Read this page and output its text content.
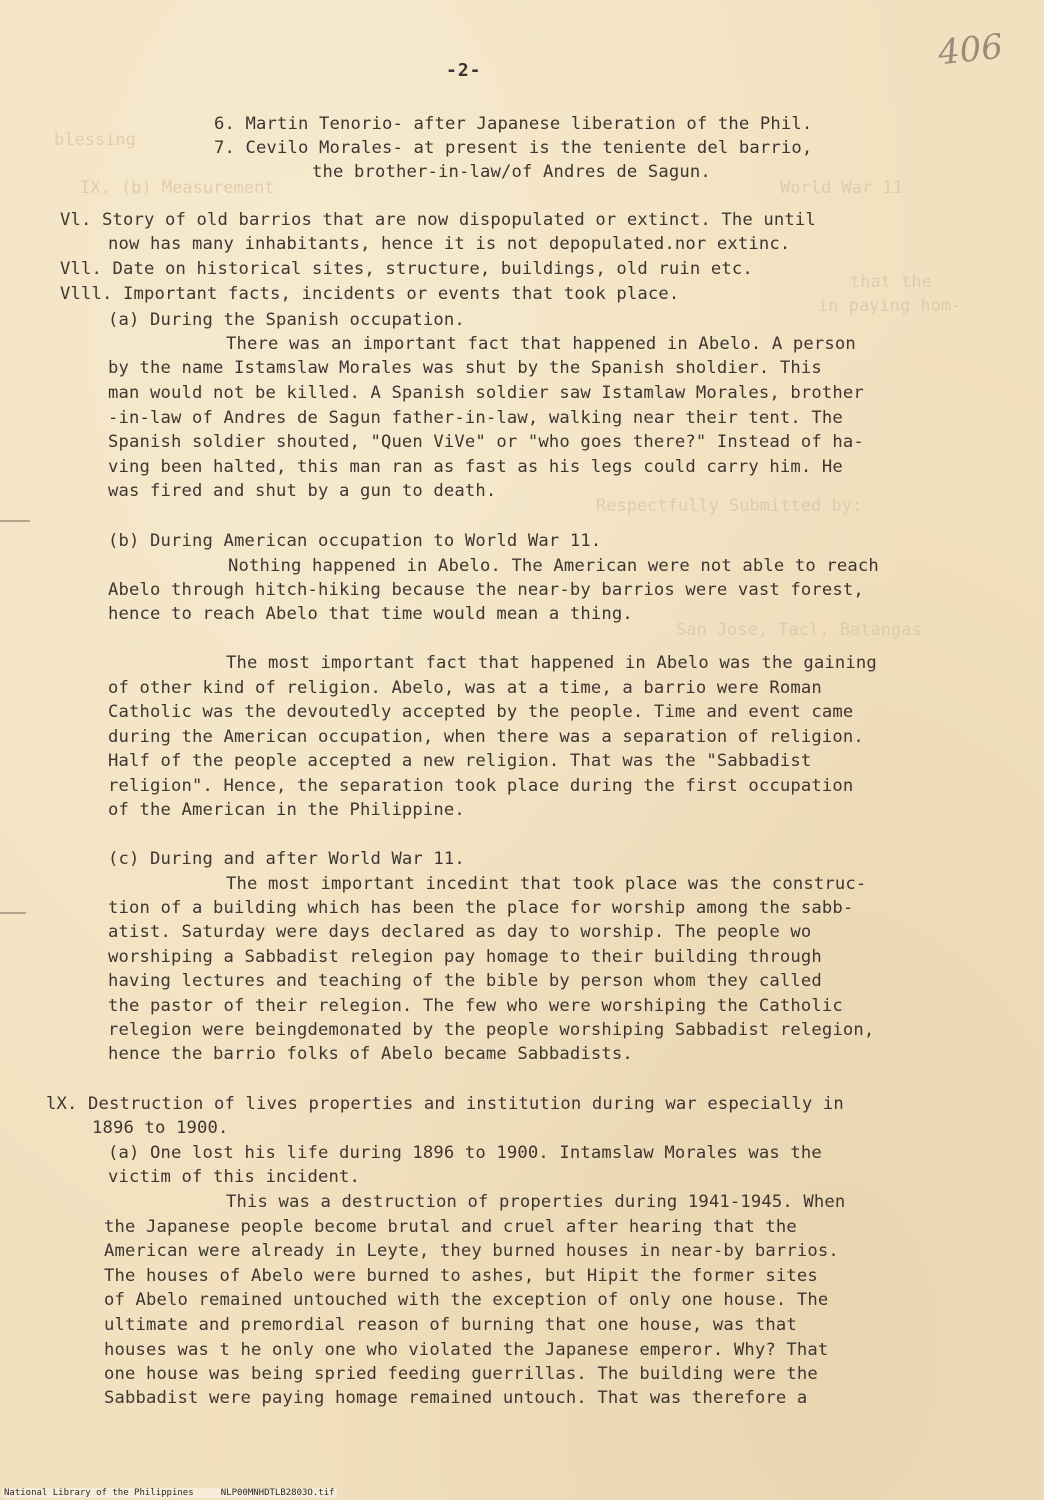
blessing
IX. (b) Measurement	World War 11
that the
in paying hom-
Respectfully Submitted by:
San Jose, Tacl, Batangas
406
-2-
6. Martin Tenorio- after Japanese liberation of the Phil.
7. Cevilo Morales- at present is the teniente del barrio,
the brother-in-law/of Andres de Sagun.
Vl. Story of old barrios that are now dispopulated or extinct. The until
now has many inhabitants, hence it is not depopulated.nor extinc.
Vll. Date on historical sites, structure, buildings, old ruin etc.
Vlll. Important facts, incidents or events that took place.
(a) During the Spanish occupation.
There was an important fact that happened in Abelo. A person
by the name Istamslaw Morales was shut by the Spanish sholdier. This
man would not be killed. A Spanish soldier saw Istamlaw Morales, brother
-in-law of Andres de Sagun father-in-law, walking near their tent. The
Spanish soldier shouted, "Quen ViVe" or "who goes there?" Instead of ha-
ving been halted, this man ran as fast as his legs could carry him. He
was fired and shut by a gun to death.
(b) During American occupation to World War 11.
Nothing happened in Abelo. The American were not able to reach
Abelo through hitch-hiking because the near-by barrios were vast forest,
hence to reach Abelo that time would mean a thing.
The most important fact that happened in Abelo was the gaining
of other kind of religion. Abelo, was at a time, a barrio were Roman
Catholic was the devoutedly accepted by the people. Time and event came
during the American occupation, when there was a separation of religion.
Half of the people accepted a new religion. That was the "Sabbadist
religion". Hence, the separation took place during the first occupation
of the American in the Philippine.
(c) During and after World War 11.
The most important incedint that took place was the construc-
tion of a building which has been the place for worship among the sabb-
atist. Saturday were days declared as day to worship. The people wo
worshiping a Sabbadist relegion pay homage to their building through
having lectures and teaching of the bible by person whom they called
the pastor of their relegion. The few who were worshiping the Catholic
relegion were beingdemonated by the people worshiping Sabbadist relegion,
hence the barrio folks of Abelo became Sabbadists.
lX. Destruction of lives properties and institution during war especially in
1896 to 1900.
(a) One lost his life during 1896 to 1900. Intamslaw Morales was the
victim of this incident.
This was a destruction of properties during 1941-1945. When
the Japanese people become brutal and cruel after hearing that the
American were already in Leyte, they burned houses in near-by barrios.
The houses of Abelo were burned to ashes, but Hipit the former sites
of Abelo remained untouched with the exception of only one house. The
ultimate and premordial reason of burning that one house, was that
houses was t he only one who violated the Japanese emperor. Why? That
one house was being spried feeding guerrillas. The building were the
Sabbadist were paying homage remained untouch. That was therefore a
National Library of the Philippines     NLP00MNHDTLB2803O.tif
